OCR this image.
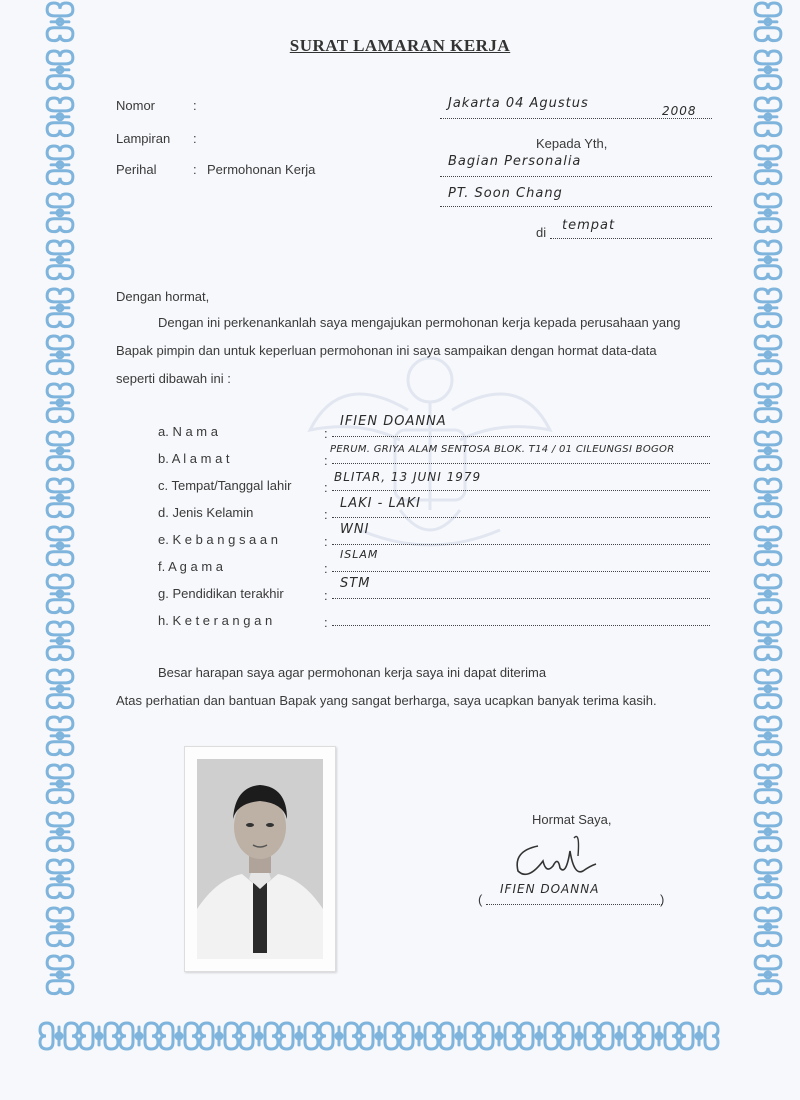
SURAT LAMARAN KERJA
Nomor	:
Lampiran :
Perihal	: Permohonan Kerja
Jakarta 04 Agustus	2008
Kepada Yth,
Bagian Personalia
PT. Soon Chang
di tempat
Dengan hormat,
Dengan ini perkenankanlah saya mengajukan permohonan kerja kepada perusahaan yang
Bapak pimpin dan untuk keperluan permohonan ini saya sampaikan dengan hormat data-data
seperti dibawah ini :
a. N a m a	:
IFIEN DOANNA
b. A l a m a t	:
PERUM. GRIYA ALAM SENTOSA BLOK. T14 / 01 CILEUNGSI BOGOR
c. Tempat/Tanggal lahir	:
BLITAR, 13 JUNI 1979
d. Jenis Kelamin	:
LAKI - LAKI
e. K e b a n g s a a n	:
WNI
f. A g a m a	:
ISLAM
g. Pendidikan terakhir	:
STM
h. K e t e r a n g a n	:
Besar harapan saya agar permohonan kerja saya ini dapat diterima
Atas perhatian dan bantuan Bapak yang sangat berharga, saya ucapkan banyak terima kasih.
Hormat Saya,
(
IFIEN DOANNA
)
